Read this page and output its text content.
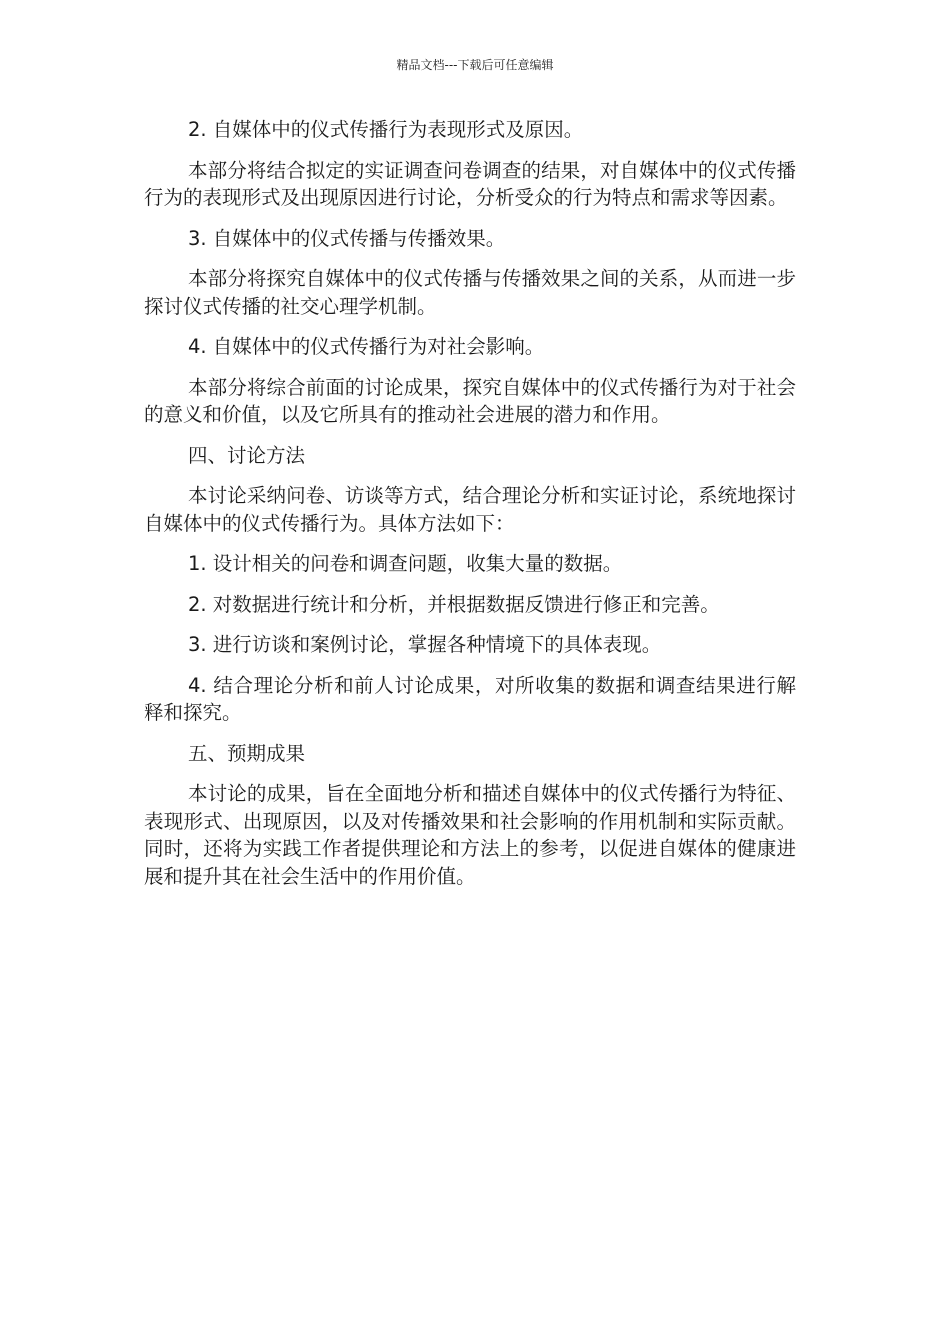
精品文档---下载后可任意编辑

2. 自媒体中的仪式传播行为表现形式及原因。

本部分将结合拟定的实证调查问卷调查的结果，对自媒体中的仪式传播行为的表现形式及出现原因进行讨论，分析受众的行为特点和需求等因素。

3. 自媒体中的仪式传播与传播效果。

本部分将探究自媒体中的仪式传播与传播效果之间的关系，从而进一步探讨仪式传播的社交心理学机制。

4. 自媒体中的仪式传播行为对社会影响。

本部分将综合前面的讨论成果，探究自媒体中的仪式传播行为对于社会的意义和价值，以及它所具有的推动社会进展的潜力和作用。

四、讨论方法

本讨论采纳问卷、访谈等方式，结合理论分析和实证讨论，系统地探讨自媒体中的仪式传播行为。具体方法如下：

1. 设计相关的问卷和调查问题，收集大量的数据。

2. 对数据进行统计和分析，并根据数据反馈进行修正和完善。

3. 进行访谈和案例讨论，掌握各种情境下的具体表现。

4. 结合理论分析和前人讨论成果，对所收集的数据和调查结果进行解释和探究。

五、预期成果

本讨论的成果，旨在全面地分析和描述自媒体中的仪式传播行为特征、表现形式、出现原因，以及对传播效果和社会影响的作用机制和实际贡献。同时，还将为实践工作者提供理论和方法上的参考，以促进自媒体的健康进展和提升其在社会生活中的作用价值。
